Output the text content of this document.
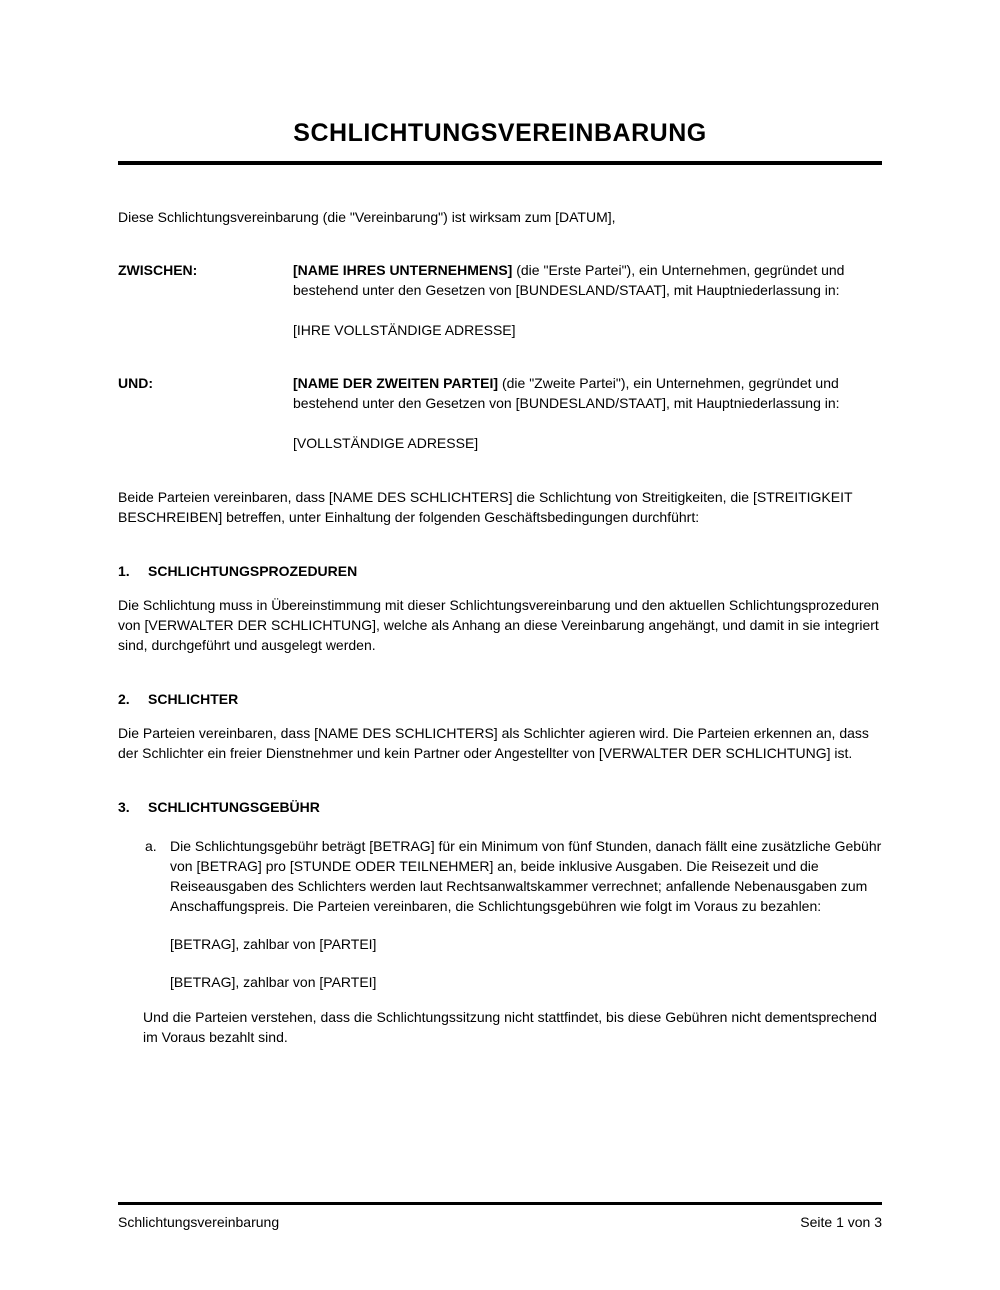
SCHLICHTUNGSVEREINBARUNG

Diese Schlichtungsvereinbarung (die "Vereinbarung") ist wirksam zum [DATUM],

ZWISCHEN:	[NAME IHRES UNTERNEHMENS] (die "Erste Partei"), ein Unternehmen, gegründet und bestehend unter den Gesetzen von [BUNDESLAND/STAAT], mit Hauptniederlassung in:

[IHRE VOLLSTÄNDIGE ADRESSE]

UND:	[NAME DER ZWEITEN PARTEI] (die "Zweite Partei"), ein Unternehmen, gegründet und bestehend unter den Gesetzen von [BUNDESLAND/STAAT], mit Hauptniederlassung in:

[VOLLSTÄNDIGE ADRESSE]

Beide Parteien vereinbaren, dass [NAME DES SCHLICHTERS] die Schlichtung von Streitigkeiten, die [STREITIGKEIT BESCHREIBEN] betreffen, unter Einhaltung der folgenden Geschäftsbedingungen durchführt:

1.	SCHLICHTUNGSPROZEDUREN

Die Schlichtung muss in Übereinstimmung mit dieser Schlichtungsvereinbarung und den aktuellen Schlichtungsprozeduren von [VERWALTER DER SCHLICHTUNG], welche als Anhang an diese Vereinbarung angehängt, und damit in sie integriert sind, durchgeführt und ausgelegt werden.

2.	SCHLICHTER

Die Parteien vereinbaren, dass [NAME DES SCHLICHTERS] als Schlichter agieren wird. Die Parteien erkennen an, dass der Schlichter ein freier Dienstnehmer und kein Partner oder Angestellter von [VERWALTER DER SCHLICHTUNG] ist.

3.	SCHLICHTUNGSGEBÜHR
a. Die Schlichtungsgebühr beträgt [BETRAG] für ein Minimum von fünf Stunden, danach fällt eine zusätzliche Gebühr von [BETRAG] pro [STUNDE ODER TEILNEHMER] an, beide inklusive Ausgaben. Die Reisezeit und die Reiseausgaben des Schlichters werden laut Rechtsanwaltskammer verrechnet; anfallende Nebenausgaben zum Anschaffungspreis. Die Parteien vereinbaren, die Schlichtungsgebühren wie folgt im Voraus zu bezahlen:

[BETRAG], zahlbar von [PARTEI]

[BETRAG], zahlbar von [PARTEI]

Und die Parteien verstehen, dass die Schlichtungssitzung nicht stattfindet, bis diese Gebühren nicht dementsprechend im Voraus bezahlt sind.

Schlichtungsvereinbarung	Seite 1 von 3
